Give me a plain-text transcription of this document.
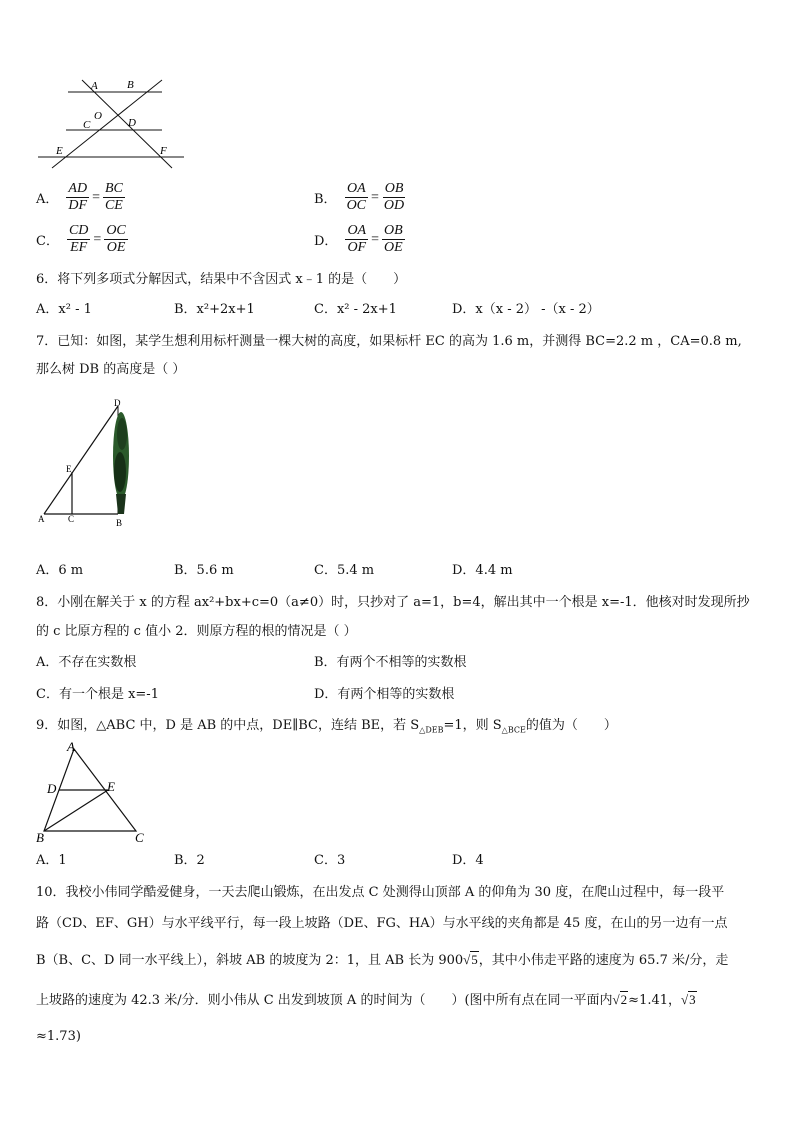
A	B
O
C	D
E	F
A． $\frac{AD}{DF} = \frac{BC}{CE}$	B． $\frac{OA}{OC} = \frac{OB}{OD}$
C． $\frac{CD}{EF} = \frac{OC}{OE}$	D． $\frac{OA}{OF} = \frac{OB}{OE}$
6．将下列多项式分解因式，结果中不含因式 x﹣1 的是（　　）
A．x² - 1	B．x²+2x+1	C．x² - 2x+1	D．x（x - 2） -（x - 2）
7．已知：如图，某学生想利用标杆测量一棵大树的高度，如果标杆 EC 的高为 1.6 m，并测得 BC=2.2 m ，CA=0.8 m,
那么树 DB 的高度是（ ）
D
E
A	C	B
A．6 m	B．5.6 m	C．5.4 m	D．4.4 m
8．小刚在解关于 x 的方程 ax²+bx+c=0（a≠0）时，只抄对了 a=1，b=4，解出其中一个根是 x=-1．他核对时发现所抄
的 c 比原方程的 c 值小 2．则原方程的根的情况是（ ）
A．不存在实数根	B．有两个不相等的实数根
C．有一个根是 x=-1	D．有两个相等的实数根
9．如图，△ABC 中，D 是 AB 的中点，DE∥BC，连结 BE，若 $S_{\triangle DEB}=1$，则 $S_{\triangle BCE}$的值为（　　）
A
D	E
B	C
A．1	B．2	C．3	D．4
10．我校小伟同学酷爱健身，一天去爬山锻炼，在出发点 C 处测得山顶部 A 的仰角为 30 度，在爬山过程中，每一段平
路（CD、EF、GH）与水平线平行，每一段上坡路（DE、FG、HA）与水平线的夹角都是 45 度，在山的另一边有一点
B（B、C、D 同一水平线上），斜坡 AB 的坡度为 2：1，且 AB 长为 900√5，其中小伟走平路的速度为 65.7 米/分，走
上坡路的速度为 42.3 米/分．则小伟从 C 出发到坡顶 A 的时间为（　　）(图中所有点在同一平面内√2≈1.41，√3
≈1.73)
